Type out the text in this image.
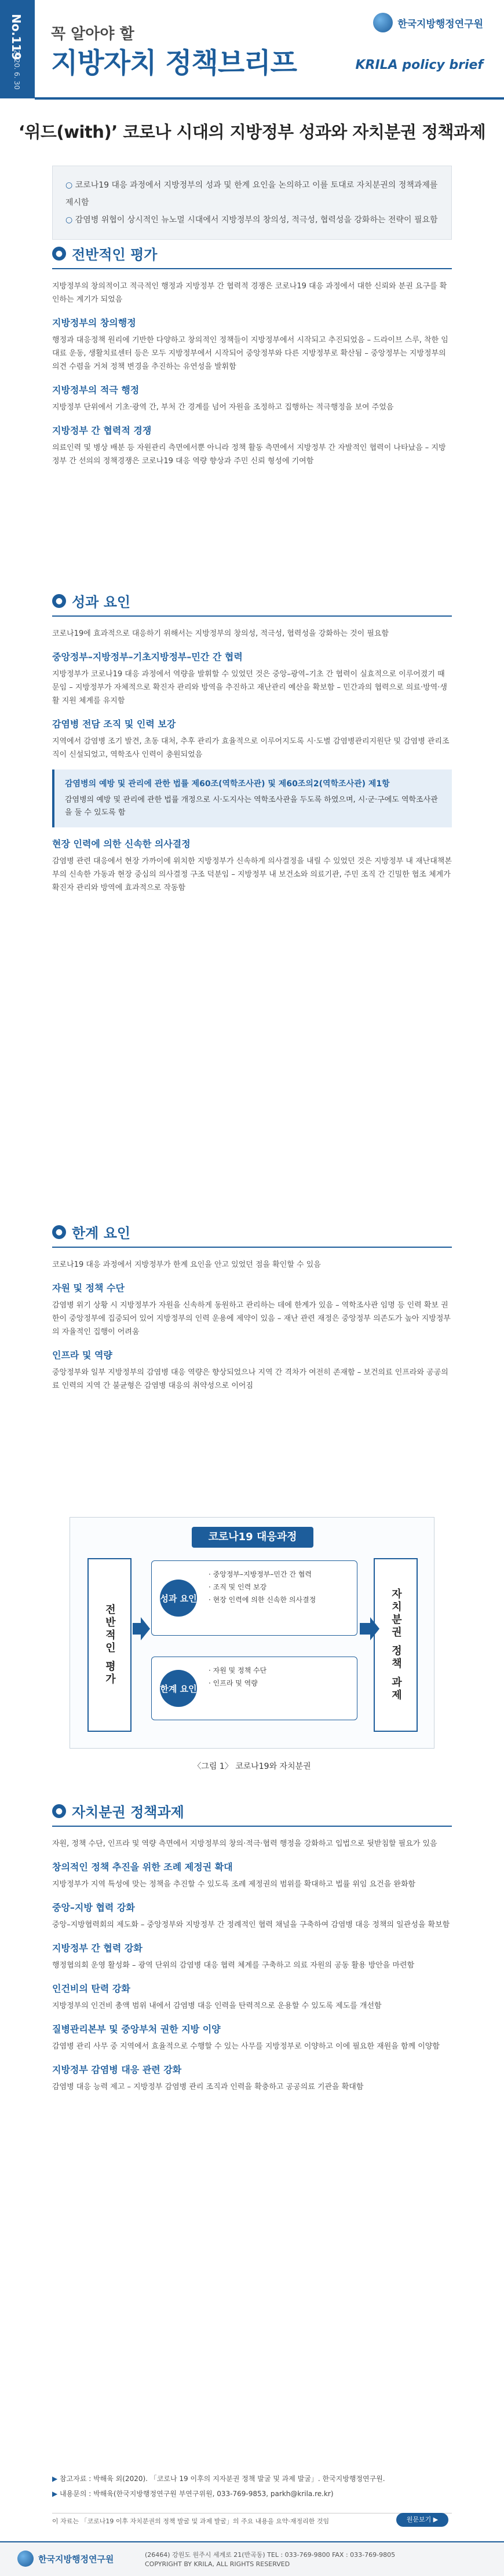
No.119
2020. 6. 30
꼭 알아야 할
지방자치 정책브리프
한국지방행정연구원
KRILA policy brief
‘위드(with)’ 코로나 시대의 지방정부 성과와 자치분권 정책과제
○ 코로나19 대응 과정에서 지방정부의 성과 및 한계 요인을 논의하고 이를 토대로 자치분권의 정책과제를 제시함
○ 감염병 위협이 상시적인 뉴노멀 시대에서 지방정부의 창의성, 적극성, 협력성을 강화하는 전략이 필요함
● 전반적인 평가
지방정부의 창의적이고 적극적인 행정과 지방정부 간 협력적 경쟁은 코로나19 대응 과정에서 대한 신뢰와 분권 요구를 확인하는 계기가 되었음
지방정부의 창의행정
행정과 대응정책 원리에 기반한 다양하고 창의적인 정책들이 지방정부에서 시작되고 추진되었음 – 드라이브 스루, 착한 임대료 운동, 생활치료센터 등은 모두 지방정부에서 시작되어 중앙정부와 다른 지방정부로 확산됨 – 중앙정부는 지방정부의 의견 수렴을 거쳐 정책 변경을 추진하는 유연성을 발휘함
지방정부의 적극 행정
지방정부 단위에서 기초·광역 간, 부처 간 경계를 넘어 자원을 조정하고 집행하는 적극행정을 보여 주었음
지방정부 간 협력적 경쟁
의료인력 및 병상 배분 등 자원관리 측면에서뿐 아니라 정책 활동 측면에서 지방정부 간 자발적인 협력이 나타났음 – 지방정부 간 선의의 정책경쟁은 코로나19 대응 역량 향상과 주민 신뢰 형성에 기여함
● 성과 요인
코로나19에 효과적으로 대응하기 위해서는 지방정부의 창의성, 적극성, 협력성을 강화하는 것이 필요함
중앙정부–지방정부–기초지방정부–민간 간 협력
지방정부가 코로나19 대응 과정에서 역량을 발휘할 수 있었던 것은 중앙–광역–기초 간 협력이 실효적으로 이루어졌기 때문임 – 지방정부가 자체적으로 확진자 관리와 방역을 추진하고 재난관리 예산을 확보함 – 민간과의 협력으로 의료·방역·생활 지원 체계를 유지함
감염병 전담 조직 및 인력 보강
지역에서 감염병 조기 발견, 초동 대처, 추후 관리가 효율적으로 이루어지도록 시·도별 감염병관리지원단 및 감염병 관리조직이 신설되었고, 역학조사 인력이 충원되었음
감염병의 예방 및 관리에 관한 법률 제60조(역학조사관) 및 제60조의2(역학조사관) 제1항
감염병의 예방 및 관리에 관한 법률 개정으로 시·도지사는 역학조사관을 두도록 하였으며, 시·군·구에도 역학조사관을 둘 수 있도록 함
현장 인력에 의한 신속한 의사결정
감염병 관련 대응에서 현장 가까이에 위치한 지방정부가 신속하게 의사결정을 내릴 수 있었던 것은 지방정부 내 재난대책본부의 신속한 가동과 현장 중심의 의사결정 구조 덕분임 – 지방정부 내 보건소와 의료기관, 주민 조직 간 긴밀한 협조 체계가 확진자 관리와 방역에 효과적으로 작동함
● 한계 요인
코로나19 대응 과정에서 지방정부가 한계 요인을 안고 있었던 점을 확인할 수 있음
자원 및 정책 수단
감염병 위기 상황 시 지방정부가 자원을 신속하게 동원하고 관리하는 데에 한계가 있음 – 역학조사관 임명 등 인력 확보 권한이 중앙정부에 집중되어 있어 지방정부의 인력 운용에 제약이 있음 – 재난 관련 재정은 중앙정부 의존도가 높아 지방정부의 자율적인 집행이 어려움
인프라 및 역량
중앙정부와 일부 지방정부의 감염병 대응 역량은 향상되었으나 지역 간 격차가 여전히 존재함 – 보건의료 인프라와 공공의료 인력의 지역 간 불균형은 감염병 대응의 취약성으로 이어짐
코로나19 대응과정
전반적인 평가	자치분권 정책 과제
성과 요인
· 중앙정부–지방정부–민간 간 협력
· 조직 및 인력 보강
· 현장 인력에 의한 신속한 의사결정
한계 요인
· 자원 및 정책 수단
· 인프라 및 역량
〈그림 1〉 코로나19와 자치분권
● 자치분권 정책과제
자원, 정책 수단, 인프라 및 역량 측면에서 지방정부의 창의·적극·협력 행정을 강화하고 입법으로 뒷받침할 필요가 있음
창의적인 정책 추진을 위한 조례 제정권 확대
지방정부가 지역 특성에 맞는 정책을 추진할 수 있도록 조례 제정권의 범위를 확대하고 법률 위임 요건을 완화함
중앙–지방 협력 강화
중앙–지방협력회의 제도화 – 중앙정부와 지방정부 간 정례적인 협력 채널을 구축하여 감염병 대응 정책의 일관성을 확보함
지방정부 간 협력 강화
행정협의회 운영 활성화 – 광역 단위의 감염병 대응 협력 체계를 구축하고 의료 자원의 공동 활용 방안을 마련함
인건비의 탄력 강화
지방정부의 인건비 총액 범위 내에서 감염병 대응 인력을 탄력적으로 운용할 수 있도록 제도를 개선함
질병관리본부 및 중앙부처 권한 지방 이양
감염병 관리 사무 중 지역에서 효율적으로 수행할 수 있는 사무를 지방정부로 이양하고 이에 필요한 재원을 함께 이양함
지방정부 감염병 대응 관련 강화
감염병 대응 능력 제고 – 지방정부 감염병 관리 조직과 인력을 확충하고 공공의료 기관을 확대함
▶ 참고자료 : 박해육 외(2020). 「코로나 19 이후의 지자분권 정책 발굴 및 과제 발굴」. 한국지방행정연구원.
▶ 내용문의 : 박해육(한국지방행정연구원 부연구위원, 033-769-9853, parkh@krila.re.kr)
이 자료는 「코로나19 이후 자치분권의 정책 발굴 및 과제 발굴」의 주요 내용을 요약·재정리한 것임	원문보기 ▶
한국지방행정연구원	(26464) 강원도 원주시 세계로 21(반곡동) TEL : 033-769-9800 FAX : 033-769-9805
COPYRIGHT BY KRILA, ALL RIGHTS RESERVED
